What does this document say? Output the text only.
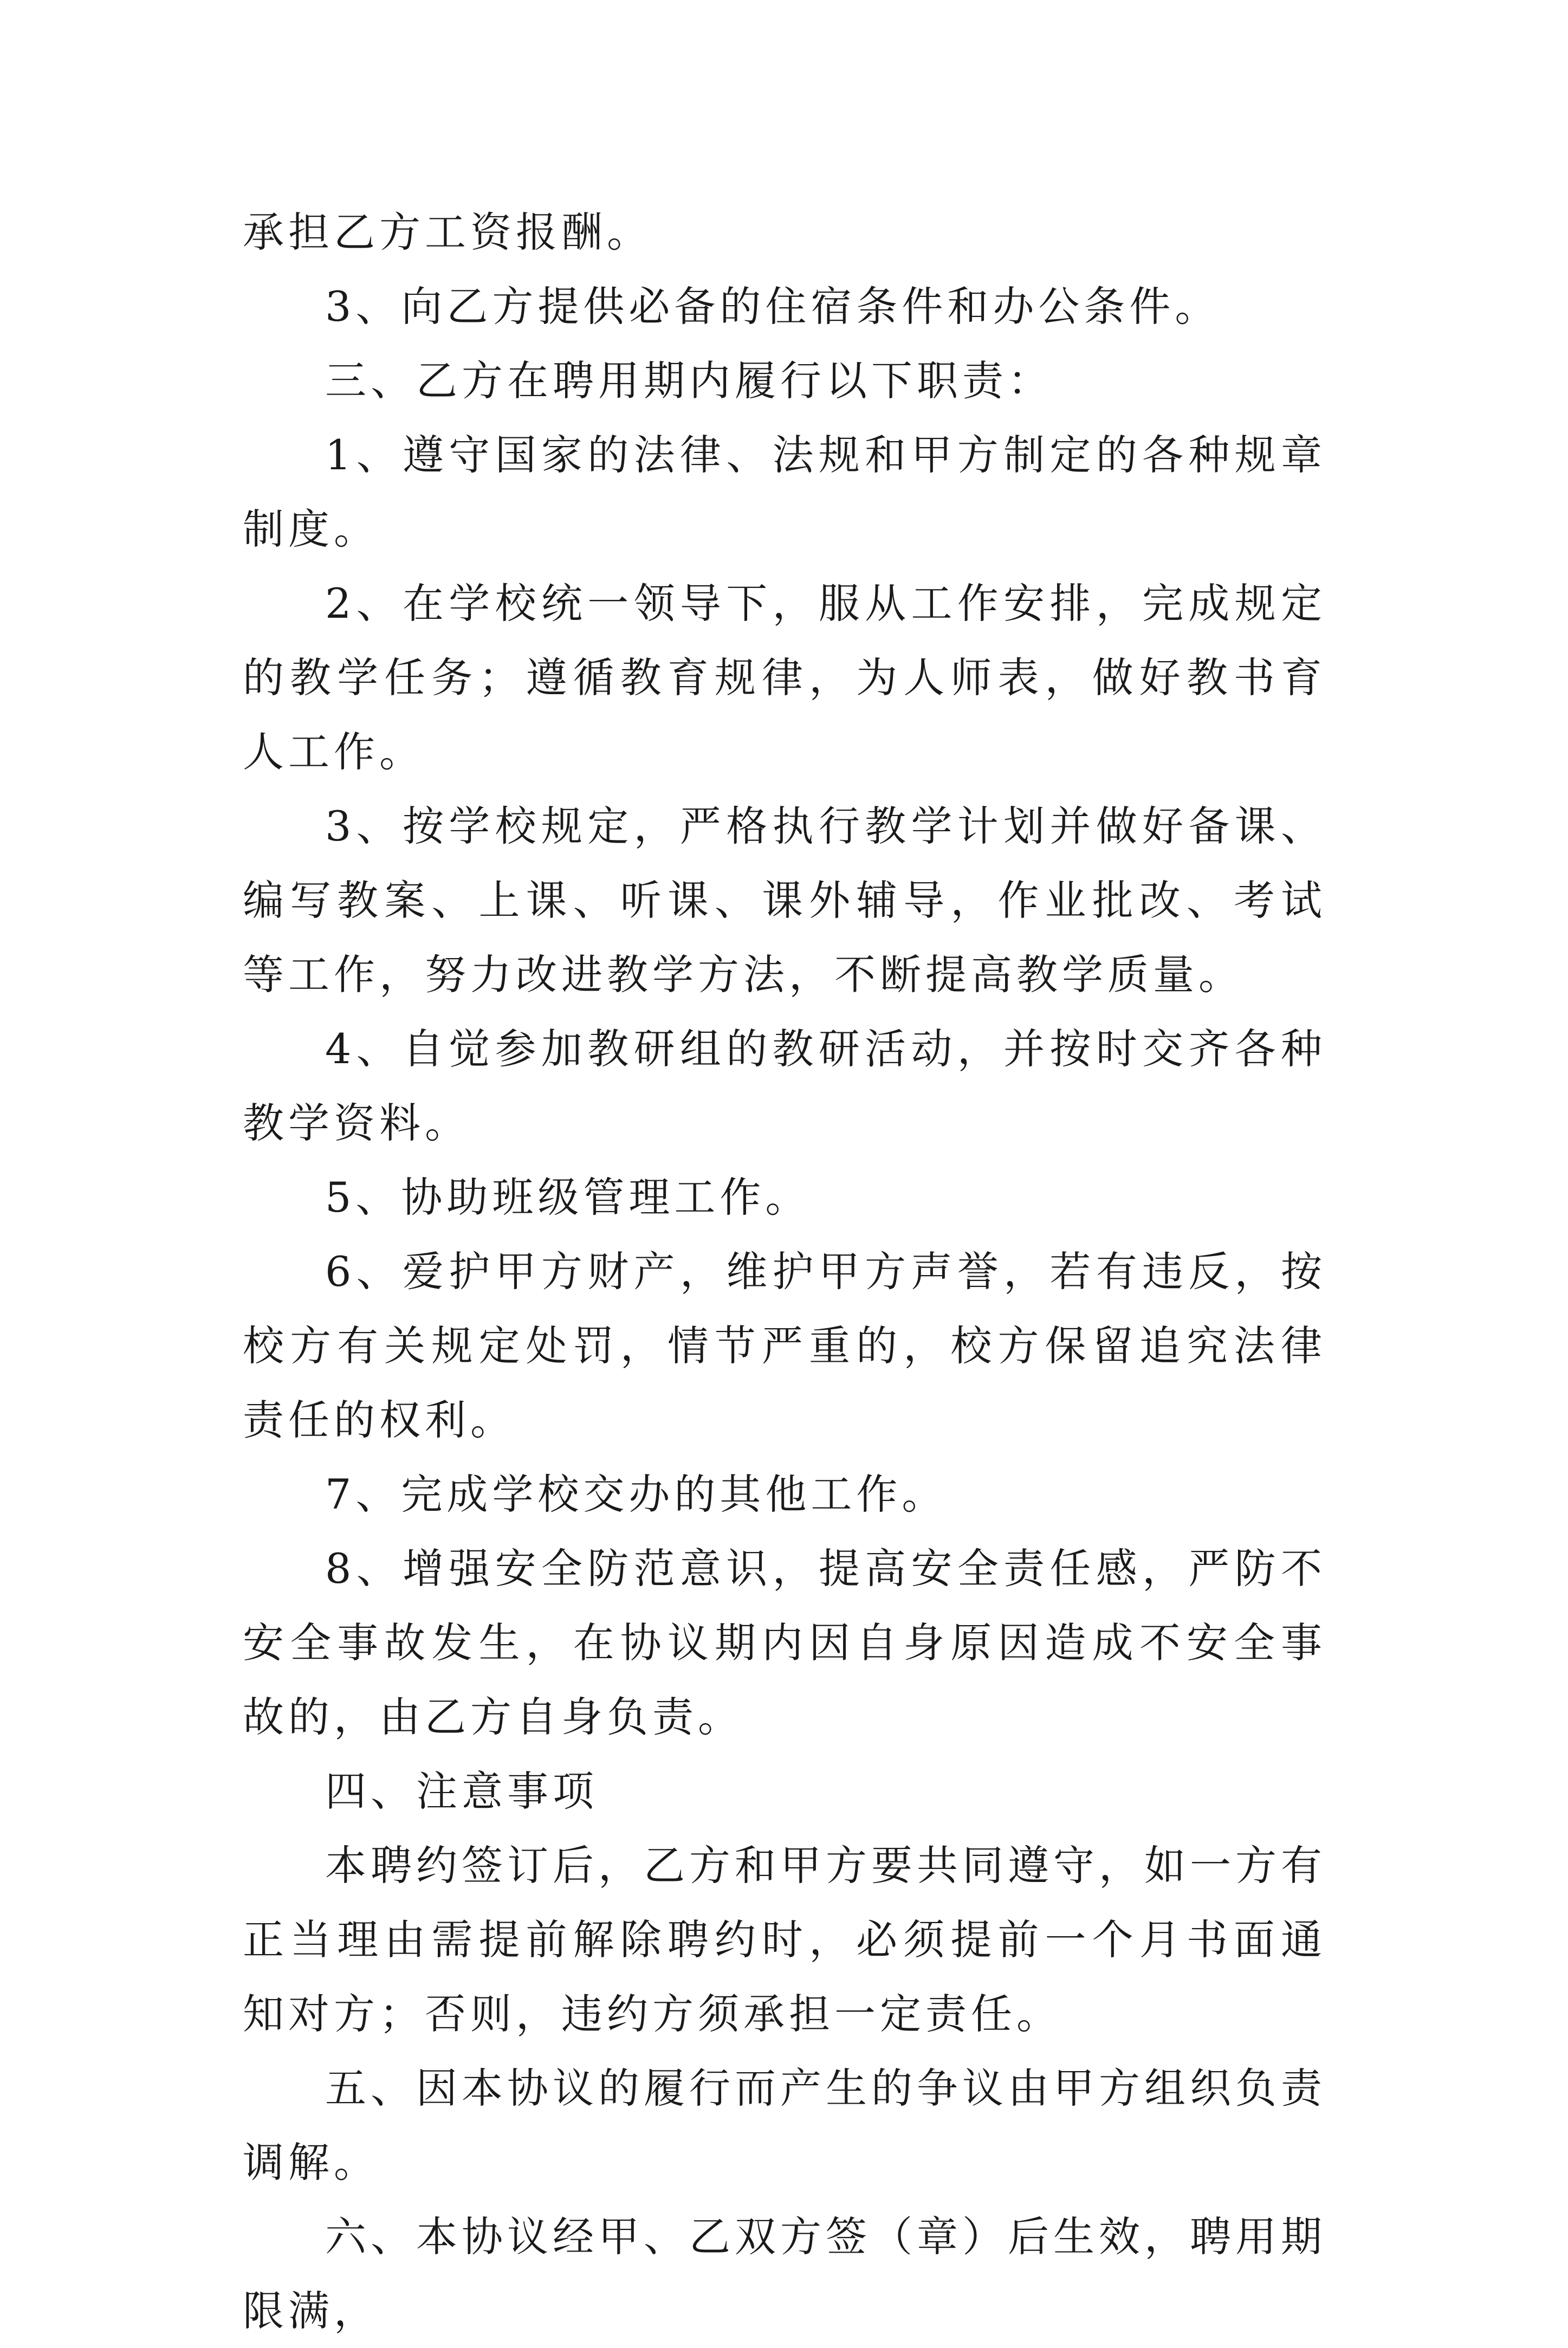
承担乙方工资报酬。

3、向乙方提供必备的住宿条件和办公条件。

三、乙方在聘用期内履行以下职责：

1、遵守国家的法律、法规和甲方制定的各种规章制度。

2、在学校统一领导下，服从工作安排，完成规定的教学任务；遵循教育规律，为人师表，做好教书育人工作。

3、按学校规定，严格执行教学计划并做好备课、编写教案、上课、听课、课外辅导，作业批改、考试等工作，努力改进教学方法，不断提高教学质量。

4、自觉参加教研组的教研活动，并按时交齐各种教学资料。

5、协助班级管理工作。

6、爱护甲方财产，维护甲方声誉，若有违反，按校方有关规定处罚，情节严重的，校方保留追究法律责任的权利。

7、完成学校交办的其他工作。

8、增强安全防范意识，提高安全责任感，严防不安全事故发生，在协议期内因自身原因造成不安全事故的，由乙方自身负责。

四、注意事项

本聘约签订后，乙方和甲方要共同遵守，如一方有正当理由需提前解除聘约时，必须提前一个月书面通知对方；否则，违约方须承担一定责任。

五、因本协议的履行而产生的争议由甲方组织负责调解。

六、本协议经甲、乙双方签（章）后生效，聘用期限满，
